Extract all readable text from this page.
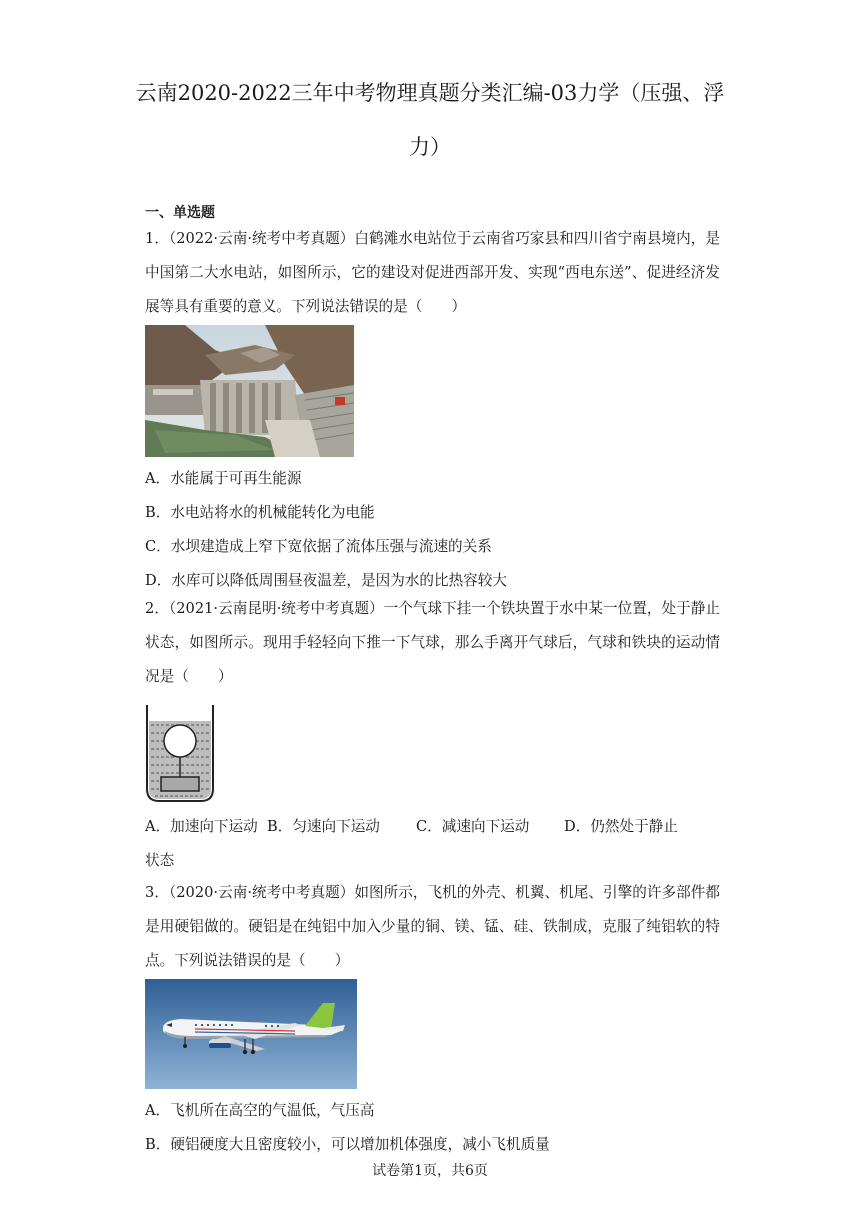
云南2020-2022三年中考物理真题分类汇编-03力学（压强、浮力）
一、单选题

1．（2022·云南·统考中考真题）白鹤滩水电站位于云南省巧家县和四川省宁南县境内，是中国第二大水电站，如图所示，它的建设对促进西部开发、实现“西电东送”、促进经济发展等具有重要的意义。下列说法错误的是（　　）

A．水能属于可再生能源
B．水电站将水的机械能转化为电能
C．水坝建造成上窄下宽依据了流体压强与流速的关系
D．水库可以降低周围昼夜温差，是因为水的比热容较大

2．（2021·云南昆明·统考中考真题）一个气球下挂一个铁块置于水中某一位置，处于静止状态，如图所示。现用手轻轻向下推一下气球，那么手离开气球后，气球和铁块的运动情况是（　　）

A．加速向下运动 B．匀速向下运动 C．减速向下运动 D．仍然处于静止
状态

3．（2020·云南·统考中考真题）如图所示，飞机的外壳、机翼、机尾、引擎的许多部件都是用硬铝做的。硬铝是在纯铝中加入少量的铜、镁、锰、硅、铁制成，克服了纯铝软的特点。下列说法错误的是（　　）

A．飞机所在高空的气温低，气压高
B．硬铝硬度大且密度较小，可以增加机体强度，减小飞机质量
试卷第1页，共6页
